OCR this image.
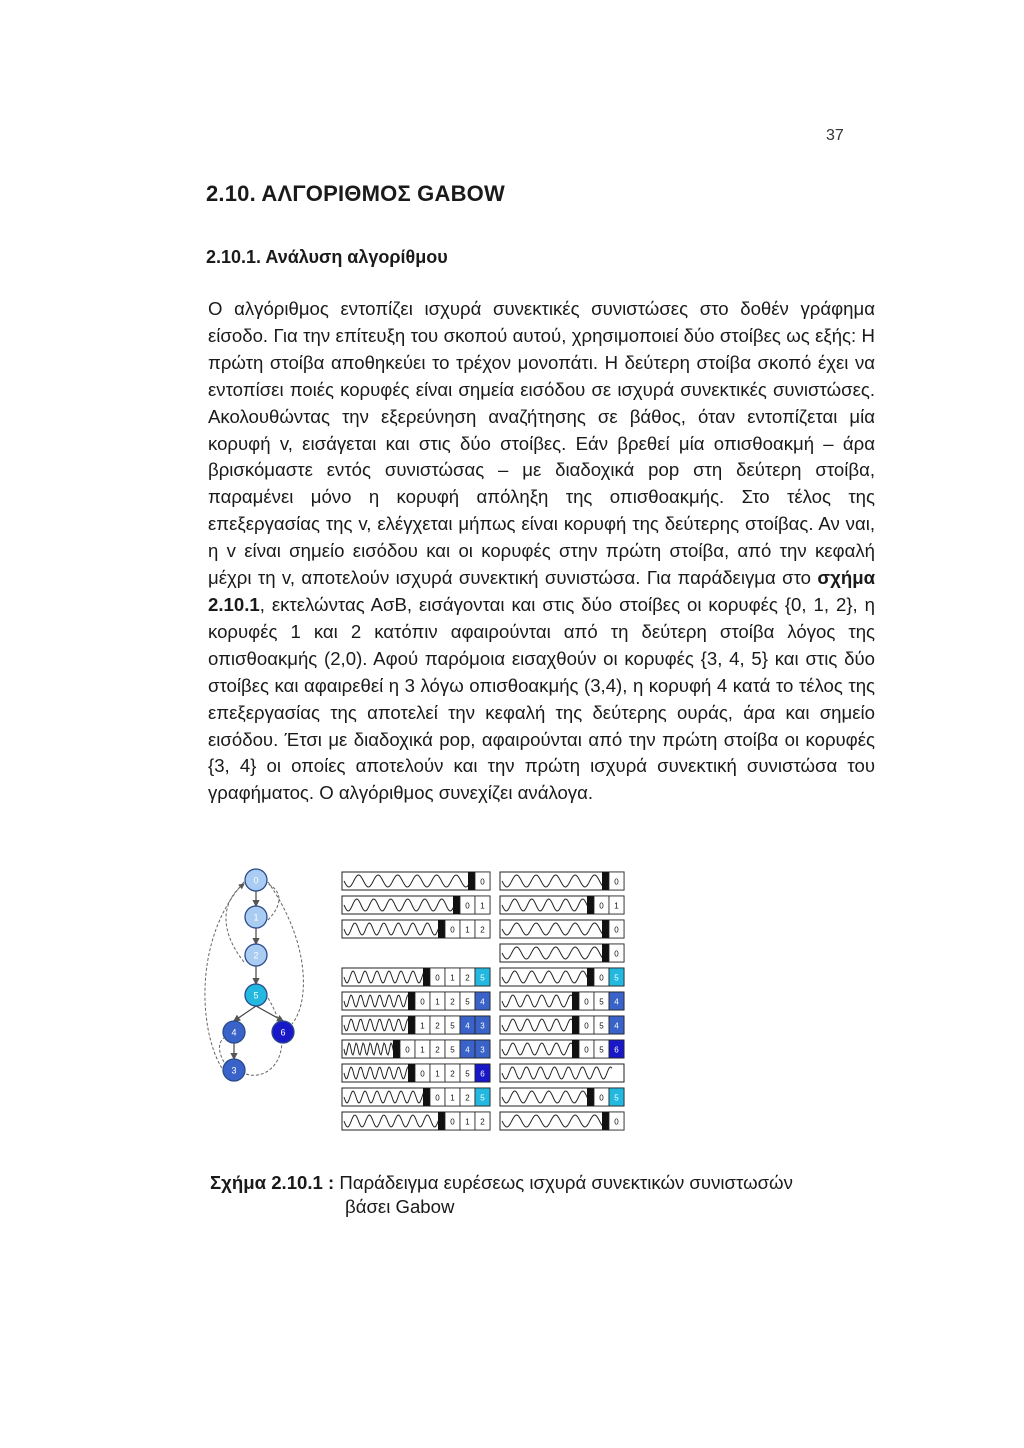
37
2.10. ΑΛΓΟΡΙΘΜΟΣ GABOW
2.10.1. Ανάλυση αλγορίθμου

Ο αλγόριθμος εντοπίζει ισχυρά συνεκτικές συνιστώσες στο δοθέν γράφημα είσοδο. Για την επίτευξη του σκοπού αυτού, χρησιμοποιεί δύο στοίβες ως εξής: Η πρώτη στοίβα αποθηκεύει το τρέχον μονοπάτι. Η δεύτερη στοίβα σκοπό έχει να εντοπίσει ποιές κορυφές είναι σημεία εισόδου σε ισχυρά συνεκτικές συνιστώσες. Ακολουθώντας την εξερεύνηση αναζήτησης σε βάθος, όταν εντοπίζεται μία κορυφή v, εισάγεται και στις δύο στοίβες. Εάν βρεθεί μία οπισθοακμή – άρα βρισκόμαστε εντός συνιστώσας – με διαδοχικά pop στη δεύτερη στοίβα, παραμένει μόνο η κορυφή απόληξη της οπισθοακμής. Στο τέλος της επεξεργασίας της v, ελέγχεται μήπως είναι κορυφή της δεύτερης στοίβας. Αν ναι, η v είναι σημείο εισόδου και οι κορυφές στην πρώτη στοίβα, από την κεφαλή μέχρι τη v, αποτελούν ισχυρά συνεκτική συνιστώσα. Για παράδειγμα στο σχήμα 2.10.1, εκτελώντας ΑσΒ, εισάγονται και στις δύο στοίβες οι κορυφές {0, 1, 2}, η κορυφές 1 και 2 κατόπιν αφαιρούνται από τη δεύτερη στοίβα λόγος της οπισθοακμής (2,0). Αφού παρόμοια εισαχθούν οι κορυφές {3, 4, 5} και στις δύο στοίβες και αφαιρεθεί η 3 λόγω οπισθοακμής (3,4), η κορυφή 4 κατά το τέλος της επεξεργασίας της αποτελεί την κεφαλή της δεύτερης ουράς, άρα και σημείο εισόδου. Έτσι με διαδοχικά pop, αφαιρούνται από την πρώτη στοίβα οι κορυφές {3, 4} οι οποίες αποτελούν και την πρώτη ισχυρά συνεκτική συνιστώσα του γραφήματος. Ο αλγόριθμος συνεχίζει ανάλογα.

0
1
2
5
4	6
3
0
0 1
0 1 2
0 1 2 5
0 1 2 5 4
1 2 5 4 3
0 1 2 5 4 3
0 1 2 5 6
0 1 2 5
0 1 2
0
0 1
0
0
0 5
0 5 4
0 5 4
0 5 6
0 5
0
Σχήμα 2.10.1 : Παράδειγμα ευρέσεως ισχυρά συνεκτικών συνιστωσών
βάσει Gabow
